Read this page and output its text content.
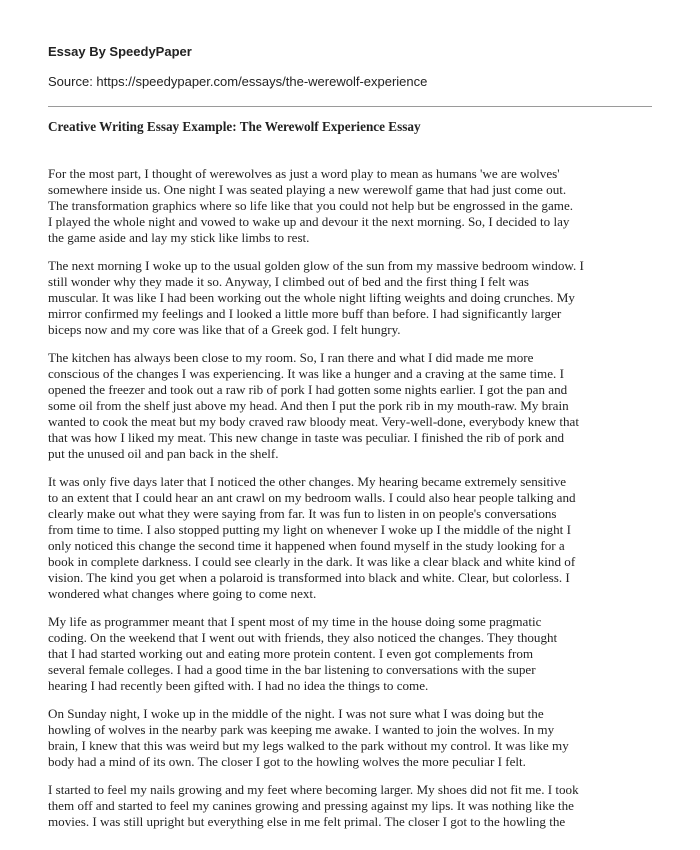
Essay By SpeedyPaper
Source: https://speedypaper.com/essays/the-werewolf-experience
Creative Writing Essay Example: The Werewolf Experience Essay

For the most part, I thought of werewolves as just a word play to mean as humans 'we are wolves'
somewhere inside us. One night I was seated playing a new werewolf game that had just come out.
The transformation graphics where so life like that you could not help but be engrossed in the game.
I played the whole night and vowed to wake up and devour it the next morning. So, I decided to lay
the game aside and lay my stick like limbs to rest.

The next morning I woke up to the usual golden glow of the sun from my massive bedroom window. I
still wonder why they made it so. Anyway, I climbed out of bed and the first thing I felt was
muscular. It was like I had been working out the whole night lifting weights and doing crunches. My
mirror confirmed my feelings and I looked a little more buff than before. I had significantly larger
biceps now and my core was like that of a Greek god. I felt hungry.

The kitchen has always been close to my room. So, I ran there and what I did made me more
conscious of the changes I was experiencing. It was like a hunger and a craving at the same time. I
opened the freezer and took out a raw rib of pork I had gotten some nights earlier. I got the pan and
some oil from the shelf just above my head. And then I put the pork rib in my mouth-raw. My brain
wanted to cook the meat but my body craved raw bloody meat. Very-well-done, everybody knew that
that was how I liked my meat. This new change in taste was peculiar. I finished the rib of pork and
put the unused oil and pan back in the shelf.

It was only five days later that I noticed the other changes. My hearing became extremely sensitive
to an extent that I could hear an ant crawl on my bedroom walls. I could also hear people talking and
clearly make out what they were saying from far. It was fun to listen in on people's conversations
from time to time. I also stopped putting my light on whenever I woke up I the middle of the night I
only noticed this change the second time it happened when found myself in the study looking for a
book in complete darkness. I could see clearly in the dark. It was like a clear black and white kind of
vision. The kind you get when a polaroid is transformed into black and white. Clear, but colorless. I
wondered what changes where going to come next.

My life as programmer meant that I spent most of my time in the house doing some pragmatic
coding. On the weekend that I went out with friends, they also noticed the changes. They thought
that I had started working out and eating more protein content. I even got complements from
several female colleges. I had a good time in the bar listening to conversations with the super
hearing I had recently been gifted with. I had no idea the things to come.

On Sunday night, I woke up in the middle of the night. I was not sure what I was doing but the
howling of wolves in the nearby park was keeping me awake. I wanted to join the wolves. In my
brain, I knew that this was weird but my legs walked to the park without my control. It was like my
body had a mind of its own. The closer I got to the howling wolves the more peculiar I felt.

I started to feel my nails growing and my feet where becoming larger. My shoes did not fit me. I took
them off and started to feel my canines growing and pressing against my lips. It was nothing like the
movies. I was still upright but everything else in me felt primal. The closer I got to the howling the
